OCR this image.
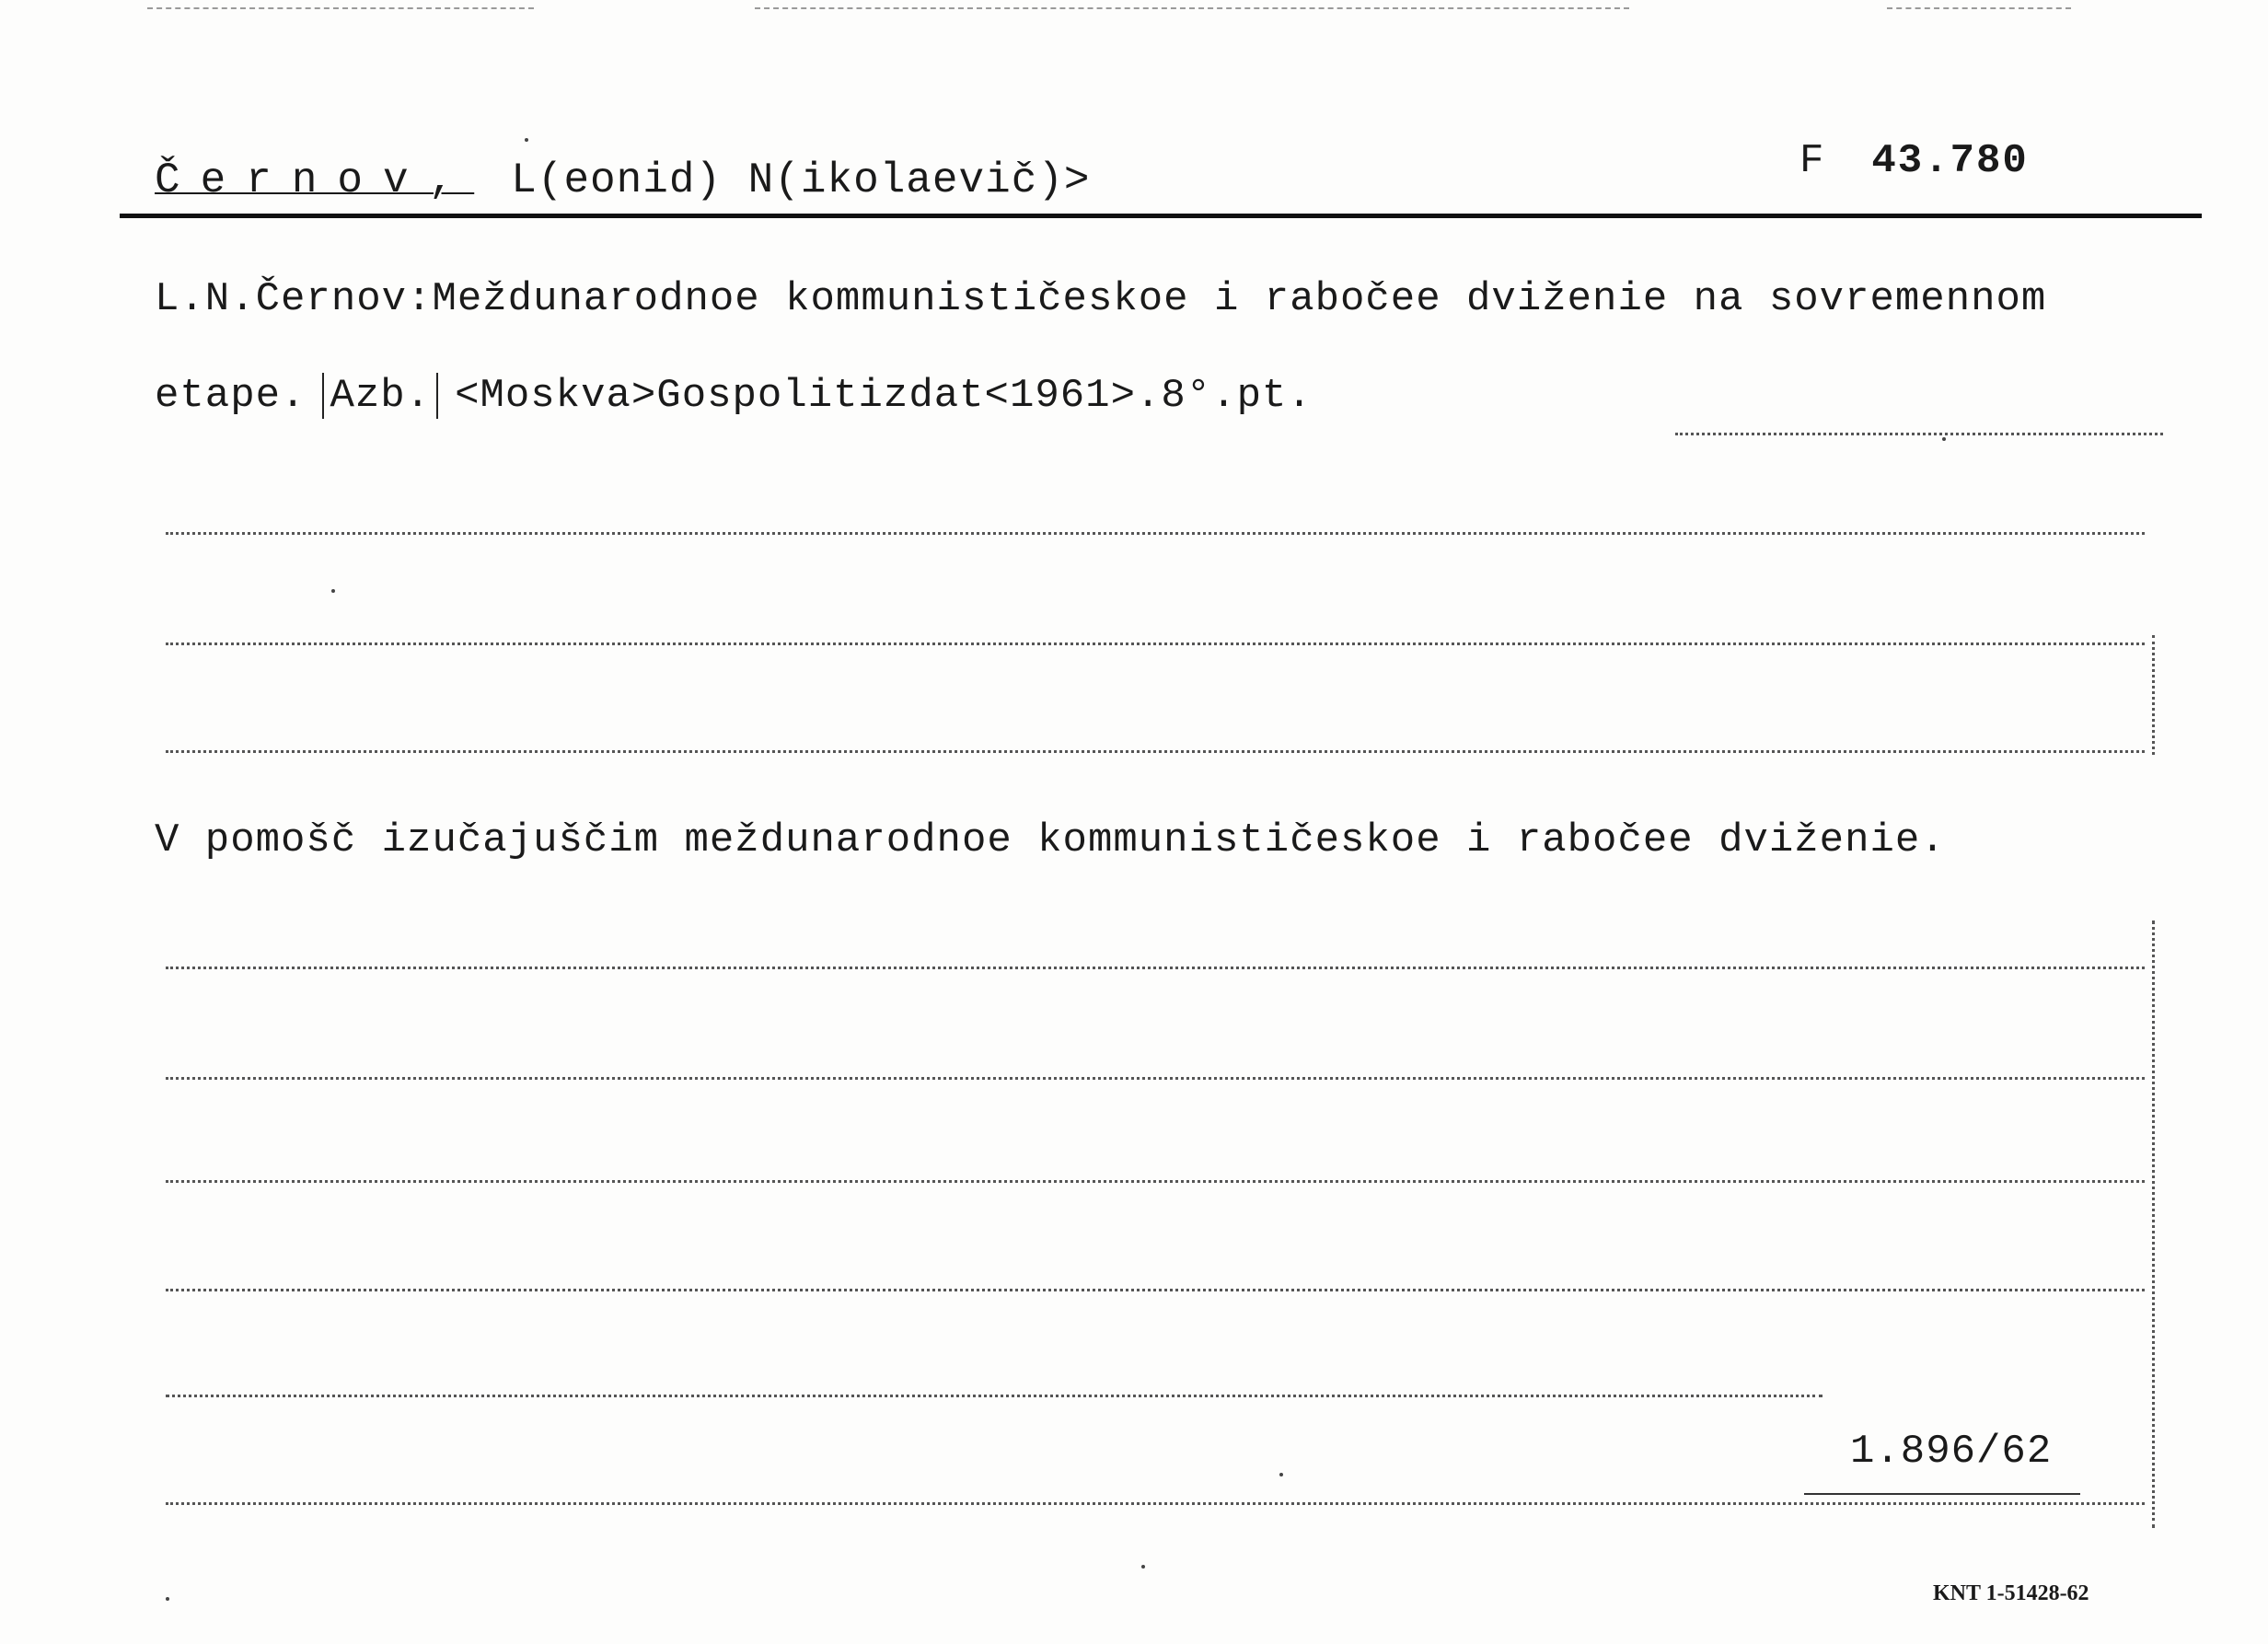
Černov, L(eonid) N(ikolaevič)>	F 43.780
L.N.Černov:Meždunarodnoe kommunističeskoe i rabočee dviženie na sovremennom
etape. Azb. <Moskva>Gospolitizdat<1961>.8°.pt.
V pomošč izučajuščim meždunarodnoe kommunističeskoe i rabočee dviženie.
1.896/62
KNT 1-51428-62
